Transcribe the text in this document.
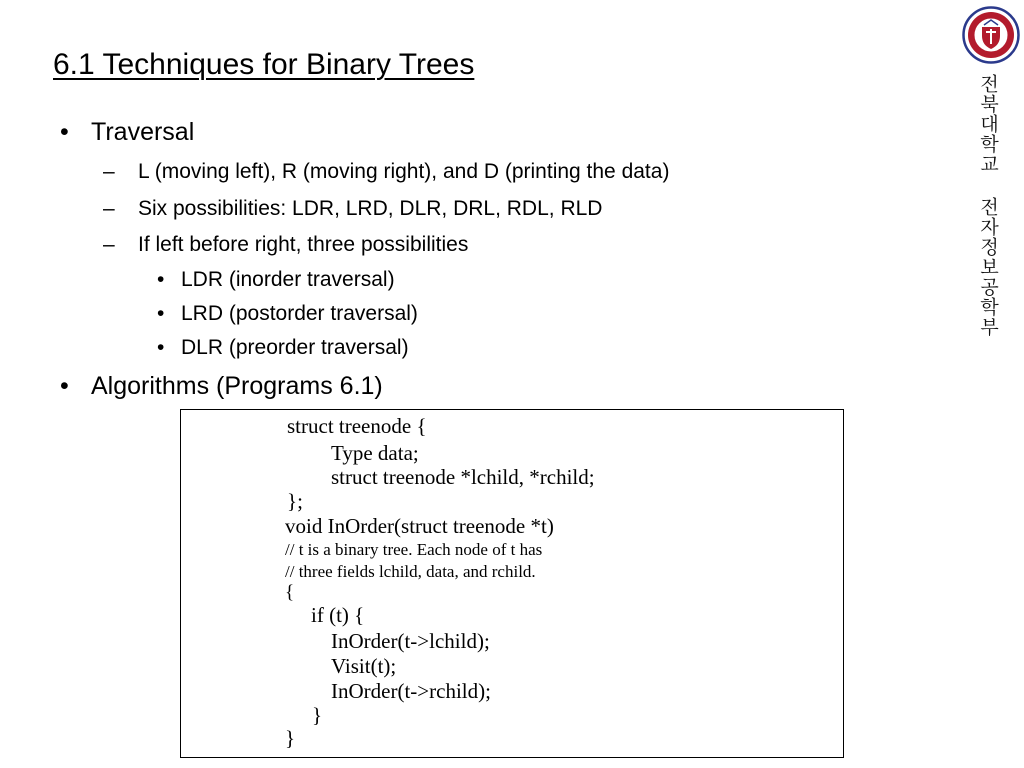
6.1 Techniques for Binary Trees
• Traversal
– L (moving left), R (moving right), and D (printing the data)
– Six possibilities: LDR, LRD, DLR, DRL, RDL, RLD
– If left before right, three possibilities
• LDR (inorder traversal)
• LRD (postorder traversal)
• DLR (preorder traversal)
• Algorithms (Programs 6.1)
struct treenode {
Type data;
struct treenode *lchild, *rchild;
};
void InOrder(struct treenode *t)
// t is a binary tree. Each node of t has
// three fields lchild, data, and rchild.
{
if (t) {
InOrder(t->lchild);
Visit(t);
InOrder(t->rchild);
}
}
전북대학교 전자정보공학부
